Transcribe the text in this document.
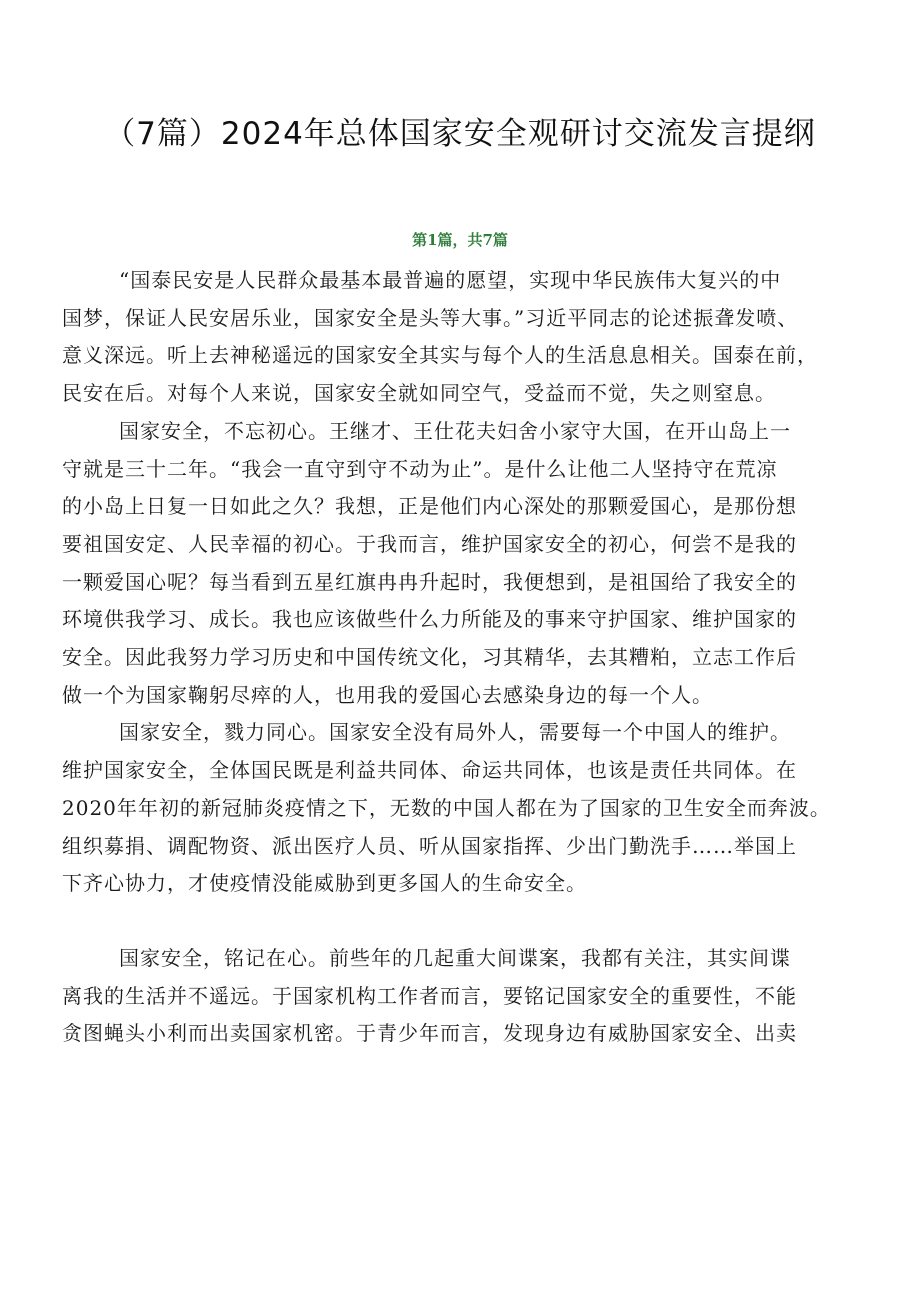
（7篇）2024年总体国家安全观研讨交流发言提纲
第1篇，共7篇
“国泰民安是人民群众最基本最普遍的愿望，实现中华民族伟大复兴的中
国梦，保证人民安居乐业，国家安全是头等大事。”习近平同志的论述振聋发喷、
意义深远。听上去神秘遥远的国家安全其实与每个人的生活息息相关。国泰在前，
民安在后。对每个人来说，国家安全就如同空气，受益而不觉，失之则窒息。
国家安全，不忘初心。王继才、王仕花夫妇舍小家守大国，在开山岛上一
守就是三十二年。“我会一直守到守不动为止”。是什么让他二人坚持守在荒凉
的小岛上日复一日如此之久？我想，正是他们内心深处的那颗爱国心，是那份想
要祖国安定、人民幸福的初心。于我而言，维护国家安全的初心，何尝不是我的
一颗爱国心呢？每当看到五星红旗冉冉升起时，我便想到，是祖国给了我安全的
环境供我学习、成长。我也应该做些什么力所能及的事来守护国家、维护国家的
安全。因此我努力学习历史和中国传统文化，习其精华，去其糟粕，立志工作后
做一个为国家鞠躬尽瘁的人，也用我的爱国心去感染身边的每一个人。
国家安全，戮力同心。国家安全没有局外人，需要每一个中国人的维护。
维护国家安全，全体国民既是利益共同体、命运共同体，也该是责任共同体。在
2020年年初的新冠肺炎疫情之下，无数的中国人都在为了国家的卫生安全而奔波。
组织募捐、调配物资、派出医疗人员、听从国家指挥、少出门勤洗手……举国上
下齐心协力，才使疫情没能威胁到更多国人的生命安全。
国家安全，铭记在心。前些年的几起重大间谍案，我都有关注，其实间谍
离我的生活并不遥远。于国家机构工作者而言，要铭记国家安全的重要性，不能
贪图蝇头小利而出卖国家机密。于青少年而言，发现身边有威胁国家安全、出卖
